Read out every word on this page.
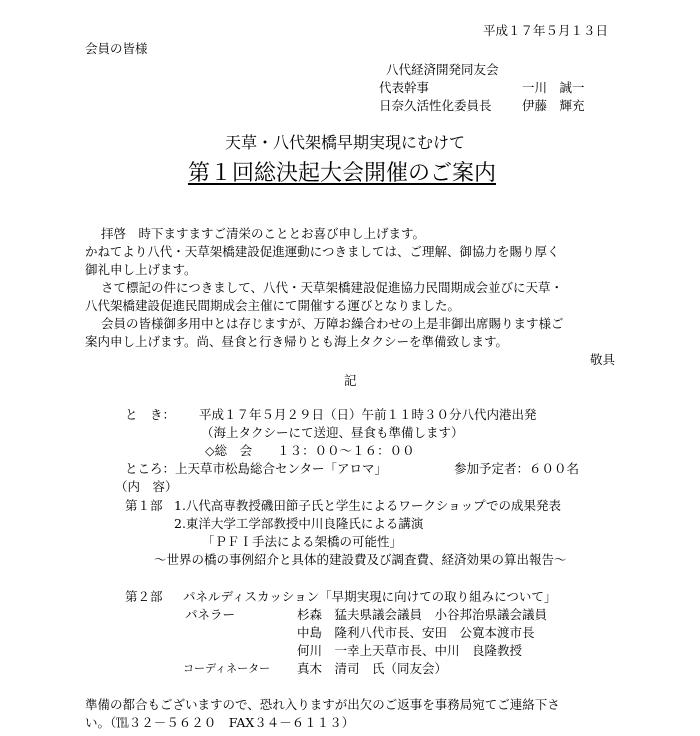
平成１７年５月１３日
会員の皆様
八代経済開発同友会
代表幹事	一川　誠一
日奈久活性化委員長 伊藤　輝充
天草・八代架橋早期実現にむけて
第１回総決起大会開催のご案内
拝啓　時下ますますご清栄のこととお喜び申し上げます。
かねてより八代・天草架橋建設促進運動につきましては、ご理解、御協力を賜り厚く
御礼申し上げます。
さて標記の件につきまして、八代・天草架橋建設促進協力民間期成会並びに天草・
八代架橋建設促進民間期成会主催にて開催する運びとなりました。
会員の皆様御多用中とは存じますが、万障お繰合わせの上是非御出席賜ります様ご
案内申し上げます。尚、昼食と行き帰りとも海上タクシーを準備致します。
敬具
記
と　き： 平成１７年５月２９日（日）午前１１時３０分八代内港出発
（海上タクシーにて送迎、昼食も準備します）
◇総　会　　１３：００～１６：００
ところ：上天草市松島総合センター「アロマ」	参加予定者：６００名
（内　容）
第１部 1.八代高専教授磯田節子氏と学生によるワークショップでの成果発表
2.東洋大学工学部教授中川良隆氏による講演
「ＰＦＩ手法による架橋の可能性」
～世界の橋の事例紹介と具体的建設費及び調査費、経済効果の算出報告～
第２部 パネルディスカッション「早期実現に向けての取り組みについて」
パネラー	杉森　猛夫県議会議員　小谷邦治県議会議員
中島　隆利八代市長、安田　公寛本渡市長
何川　一幸上天草市長、中川　良隆教授
コーディネーター 真木　清司　氏（同友会）
準備の都合もございますので、恐れ入りますが出欠のご返事を事務局宛てご連絡下さ
い。（℡３２－５６２０　FAX３４－６１１３）
